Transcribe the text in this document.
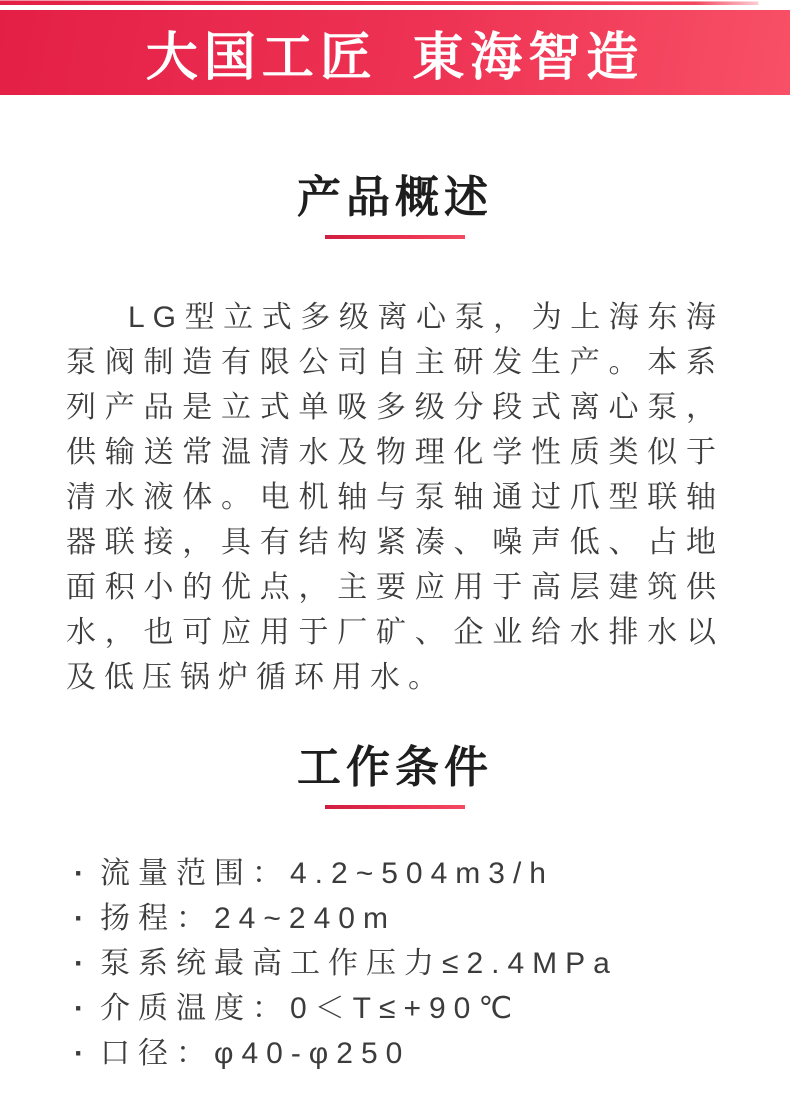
大国工匠 東海智造
产品概述

LG型立式多级离心泵，为上海东海泵阀制造有限公司自主研发生产。本系列产品是立式单吸多级分段式离心泵，供输送常温清水及物理化学性质类似于清水液体。电机轴与泵轴通过爪型联轴器联接，具有结构紧凑、噪声低、占地面积小的优点，主要应用于高层建筑供水，也可应用于厂矿、企业给水排水以及低压锅炉循环用水。

工作条件
· 流量范围：4.2~504m3/h
· 扬程：24~240m
· 泵系统最高工作压力≤2.4MPa
· 介质温度：0＜T≤+90℃
· 口径：φ40-φ250
